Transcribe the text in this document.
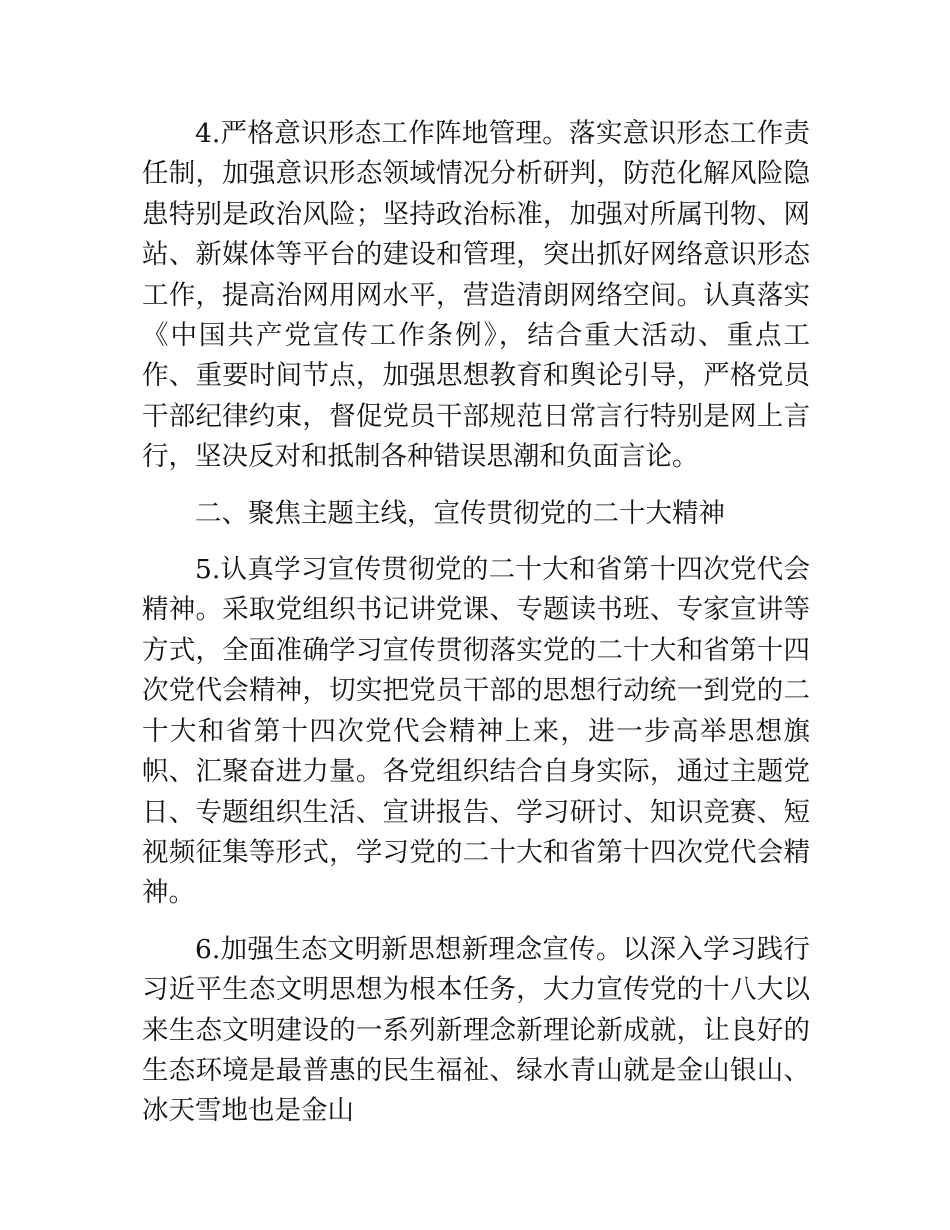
4.严格意识形态工作阵地管理。落实意识形态工作责任制，加强意识形态领域情况分析研判，防范化解风险隐患特别是政治风险；坚持政治标准，加强对所属刊物、网站、新媒体等平台的建设和管理，突出抓好网络意识形态工作，提高治网用网水平，营造清朗网络空间。认真落实《中国共产党宣传工作条例》，结合重大活动、重点工作、重要时间节点，加强思想教育和舆论引导，严格党员干部纪律约束，督促党员干部规范日常言行特别是网上言行，坚决反对和抵制各种错误思潮和负面言论。

二、聚焦主题主线，宣传贯彻党的二十大精神

5.认真学习宣传贯彻党的二十大和省第十四次党代会精神。采取党组织书记讲党课、专题读书班、专家宣讲等方式，全面准确学习宣传贯彻落实党的二十大和省第十四次党代会精神，切实把党员干部的思想行动统一到党的二十大和省第十四次党代会精神上来，进一步高举思想旗帜、汇聚奋进力量。各党组织结合自身实际，通过主题党日、专题组织生活、宣讲报告、学习研讨、知识竞赛、短视频征集等形式，学习党的二十大和省第十四次党代会精神。

6.加强生态文明新思想新理念宣传。以深入学习践行习近平生态文明思想为根本任务，大力宣传党的十八大以来生态文明建设的一系列新理念新理论新成就，让良好的生态环境是最普惠的民生福祉、绿水青山就是金山银山、冰天雪地也是金山
